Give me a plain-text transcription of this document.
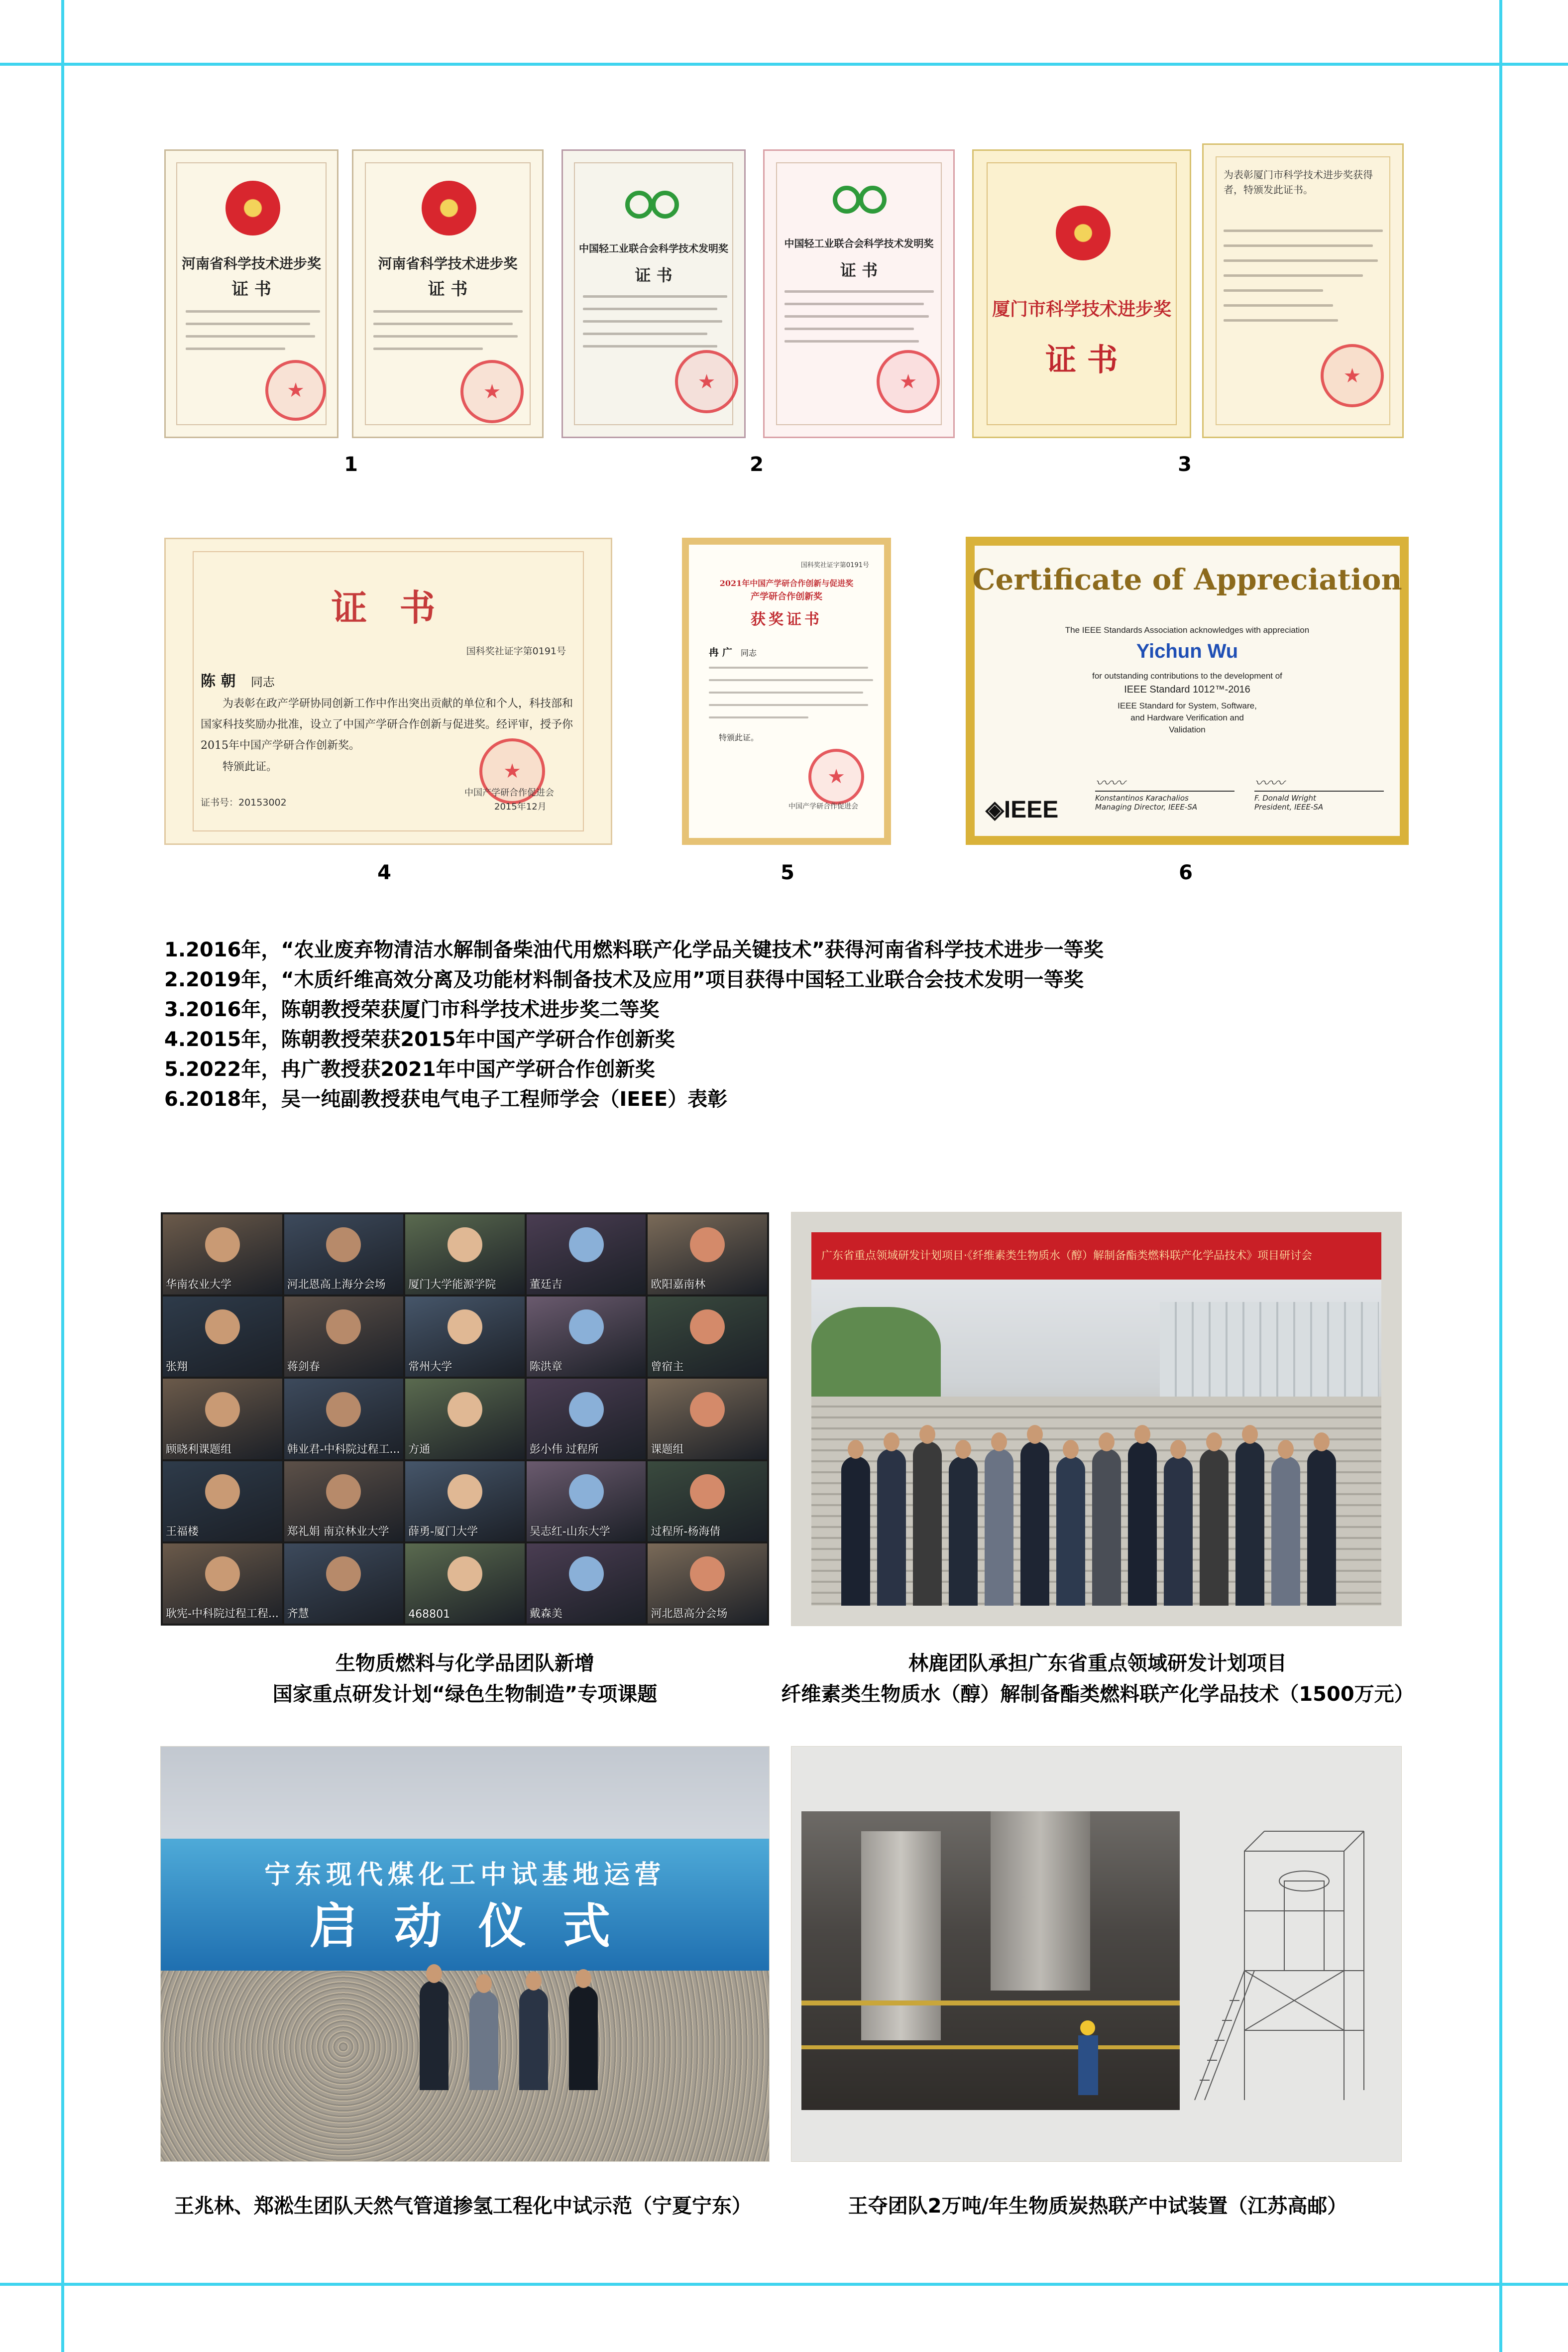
河南省科学技术进步奖
证 书
★
河南省科学技术进步奖
证 书
★
中国轻工业联合会科学技术发明奖
证 书
★
中国轻工业联合会科学技术发明奖
证 书
★
厦门市科学技术进步奖
证 书
为表彰厦门市科学技术进步奖获得者，特颁发此证书。
★
1	2	3
证 书
国科奖社证字第0191号
陈 朝 同志
为表彰在政产学研协同创新工作中作出突出贡献的单位和个人，科技部和国家科技奖励办批准，设立了中国产学研合作创新与促进奖。经评审，授予你2015年中国产学研合作创新奖。
特颁此证。
证书号：20153002
★
中国产学研合作促进会
2015年12月
国科奖社证字第0191号
2021年中国产学研合作创新与促进奖
产学研合作创新奖
获奖证书
冉 广 同志
特颁此证。
★
中国产学研合作促进会
Certificate of Appreciation
The IEEE Standards Association acknowledges with appreciation
Yichun Wu
for outstanding contributions to the development of
IEEE Standard 1012™-2016
IEEE Standard for System, Software,
and Hardware Verification and
Validation
◈IEEE
〰〰
Konstantinos Karachalios
Managing Director, IEEE-SA
〰〰
F. Donald Wright
President, IEEE-SA
4	5	6
1.2016年，“农业废弃物清洁水解制备柴油代用燃料联产化学品关键技术”获得河南省科学技术进步一等奖
2.2019年，“木质纤维高效分离及功能材料制备技术及应用”项目获得中国轻工业联合会技术发明一等奖
3.2016年，陈朝教授荣获厦门市科学技术进步奖二等奖
4.2015年，陈朝教授荣获2015年中国产学研合作创新奖
5.2022年，冉广教授获2021年中国产学研合作创新奖
6.2018年，吴一纯副教授获电气电子工程师学会（IEEE）表彰
华南农业大学	河北恩高上海分会场	厦门大学能源学院	董廷吉	欧阳嘉南林
张翔	蒋剑春	常州大学	陈洪章	曾宿主
顾晓利课题组	韩业君-中科院过程工... 方通	彭小伟 过程所	课题组
王福楼	郑礼娟 南京林业大学	薛勇-厦门大学	吴志红-山东大学	过程所-杨海倩
耿宪-中科院过程工程... 齐慧	468801	戴森美	河北恩高分会场
广东省重点领域研发计划项目·《纤维素类生物质水（醇）解制备酯类燃料联产化学品技术》项目研讨会
生物质燃料与化学品团队新增
国家重点研发计划“绿色生物制造”专项课题
林鹿团队承担广东省重点领域研发计划项目
纤维素类生物质水（醇）解制备酯类燃料联产化学品技术（1500万元）
宁东现代煤化工中试基地运营
启 动 仪 式
王兆林、郑淞生团队天然气管道掺氢工程化中试示范（宁夏宁东）	王夺团队2万吨/年生物质炭热联产中试装置（江苏高邮）
